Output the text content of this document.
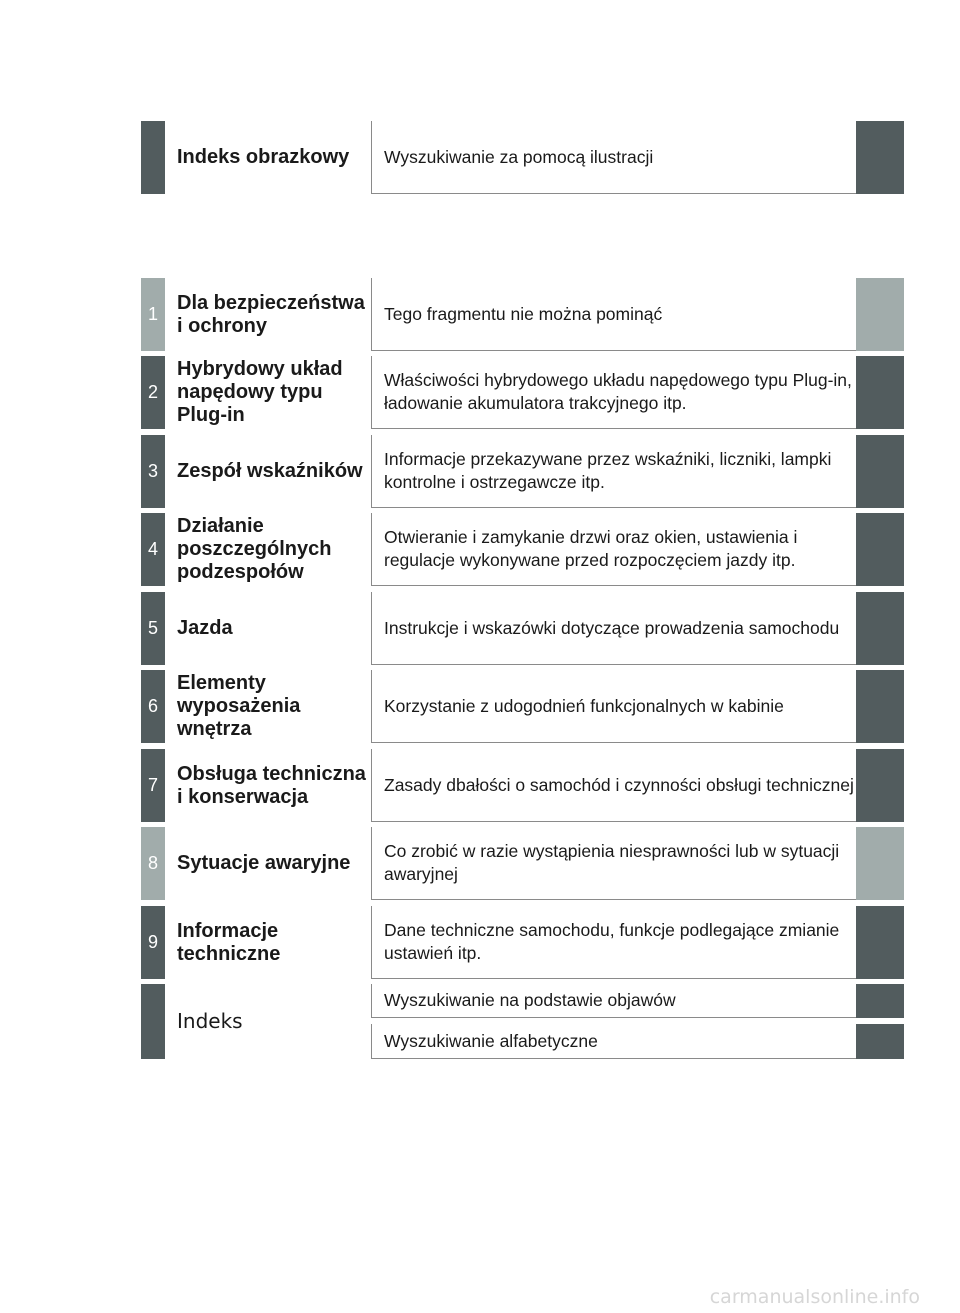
Indeks obrazkowy	Wyszukiwanie za pomocą ilustracji
1
Dla bezpieczeństwa i ochrony
Tego fragmentu nie można pominąć
2
Hybrydowy układ napędowy typu Plug-in
Właściwości hybrydowego układu napędowego typu Plug-in, ładowanie akumulatora trakcyjnego itp.
3 Zespół wskaźników
Informacje przekazywane przez wskaźniki, liczniki, lampki kontrolne i ostrzegawcze itp.
4
Działanie poszczególnych podzespołów
Otwieranie i zamykanie drzwi oraz okien, ustawienia i regulacje wykonywane przed rozpoczęciem jazdy itp.
5 Jazda	Instrukcje i wskazówki dotyczące prowadzenia samochodu
6
Elementy wyposażenia wnętrza
Korzystanie z udogodnień funkcjonalnych w kabinie
7
Obsługa techniczna i konserwacja
Zasady dbałości o samochód i czynności obsługi technicznej
8 Sytuacje awaryjne
Co zrobić w razie wystąpienia niesprawności lub w sytuacji awaryjnej
9
Informacje techniczne
Dane techniczne samochodu, funkcje podlegające zmianie ustawień itp.
Indeks
Wyszukiwanie na podstawie objawów
Wyszukiwanie alfabetyczne
carmanualsonline.info
